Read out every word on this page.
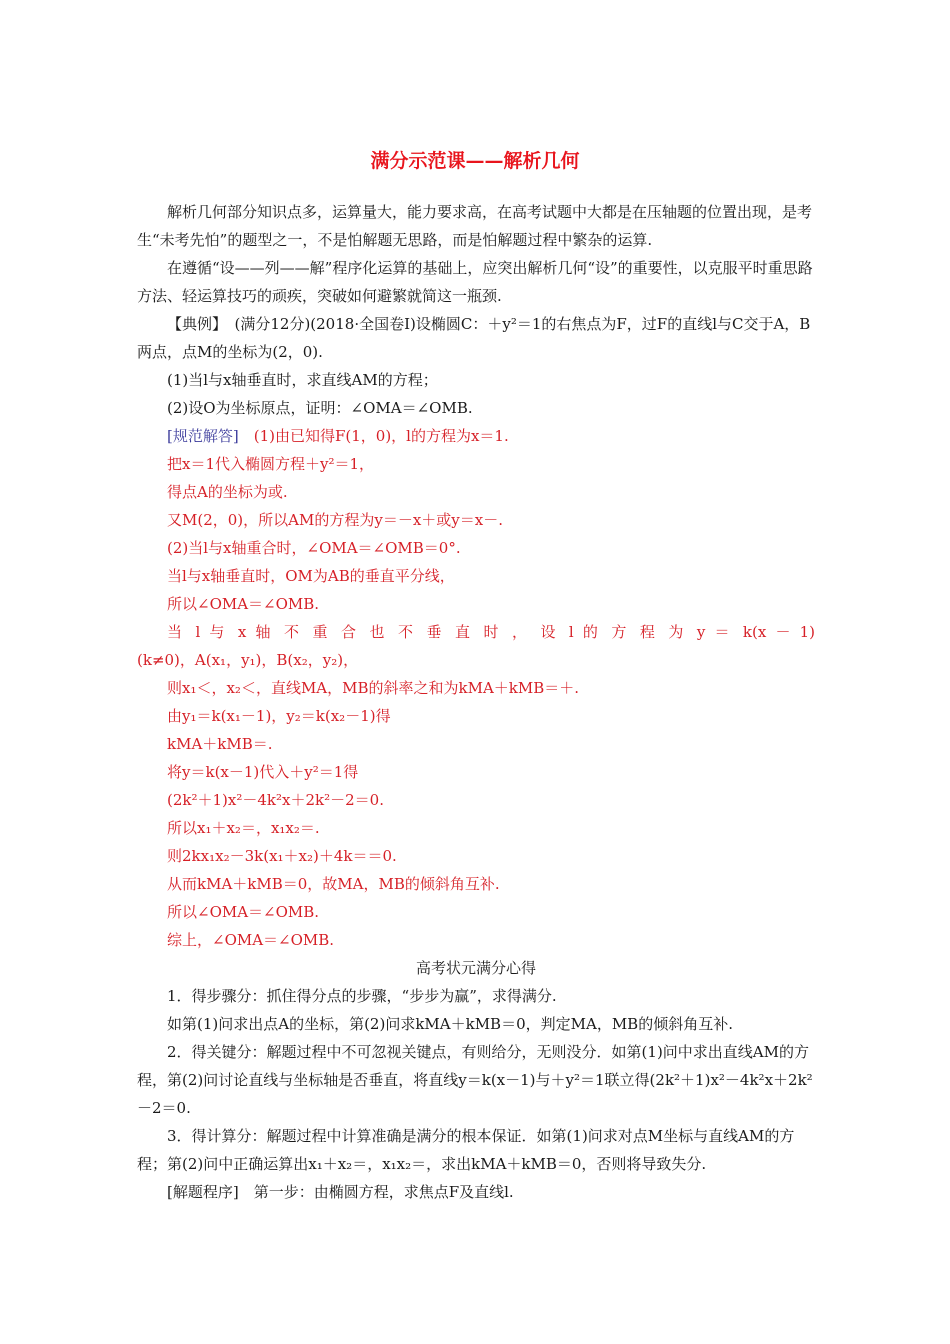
满分示范课——解析几何

解析几何部分知识点多，运算量大，能力要求高，在高考试题中大都是在压轴题的位置出现，是考生“未考先怕”的题型之一，不是怕解题无思路，而是怕解题过程中繁杂的运算.

在遵循“设——列——解”程序化运算的基础上，应突出解析几何“设”的重要性，以克服平时重思路方法、轻运算技巧的顽疾，突破如何避繁就简这一瓶颈.

【典例】　(满分12分)(2018·全国卷Ⅰ)设椭圆C：＋y²＝1的右焦点为F，过F的直线l与C交于A，B两点，点M的坐标为(2，0).

(1)当l与x轴垂直时，求直线AM的方程；

(2)设O为坐标原点，证明：∠OMA＝∠OMB.

[规范解答]　(1)由已知得F(1，0)，l的方程为x＝1.

把x＝1代入椭圆方程＋y²＝1，

得点A的坐标为或.

又M(2，0)，所以AM的方程为y＝－x＋或y＝x－.

(2)当l与x轴重合时，∠OMA＝∠OMB＝0°.

当l与x轴垂直时，OM为AB的垂直平分线，

所以∠OMA＝∠OMB.

当 l 与 x 轴 不 重 合 也 不 垂 直 时 ， 设 l 的 方 程 为 y ＝ k(x － 1)

(k≠0)，A(x₁，y₁)，B(x₂，y₂)，

则x₁＜，x₂＜，直线MA，MB的斜率之和为kMA＋kMB＝＋.

由y₁＝k(x₁－1)，y₂＝k(x₂－1)得

kMA＋kMB＝.

将y＝k(x－1)代入＋y²＝1得

(2k²＋1)x²－4k²x＋2k²－2＝0.

所以x₁＋x₂＝，x₁x₂＝.

则2kx₁x₂－3k(x₁＋x₂)＋4k＝＝0.

从而kMA＋kMB＝0，故MA，MB的倾斜角互补.

所以∠OMA＝∠OMB.

综上，∠OMA＝∠OMB.

高考状元满分心得

1．得步骤分：抓住得分点的步骤，“步步为赢”，求得满分.

如第(1)问求出点A的坐标，第(2)问求kMA＋kMB＝0，判定MA，MB的倾斜角互补.

2．得关键分：解题过程中不可忽视关键点，有则给分，无则没分．如第(1)问中求出直线AM的方程，第(2)问讨论直线与坐标轴是否垂直，将直线y＝k(x－1)与＋y²＝1联立得(2k²＋1)x²－4k²x＋2k²－2＝0.

3．得计算分：解题过程中计算准确是满分的根本保证．如第(1)问求对点M坐标与直线AM的方程；第(2)问中正确运算出x₁＋x₂＝，x₁x₂＝，求出kMA＋kMB＝0，否则将导致失分.

[解题程序]　第一步：由椭圆方程，求焦点F及直线l.
